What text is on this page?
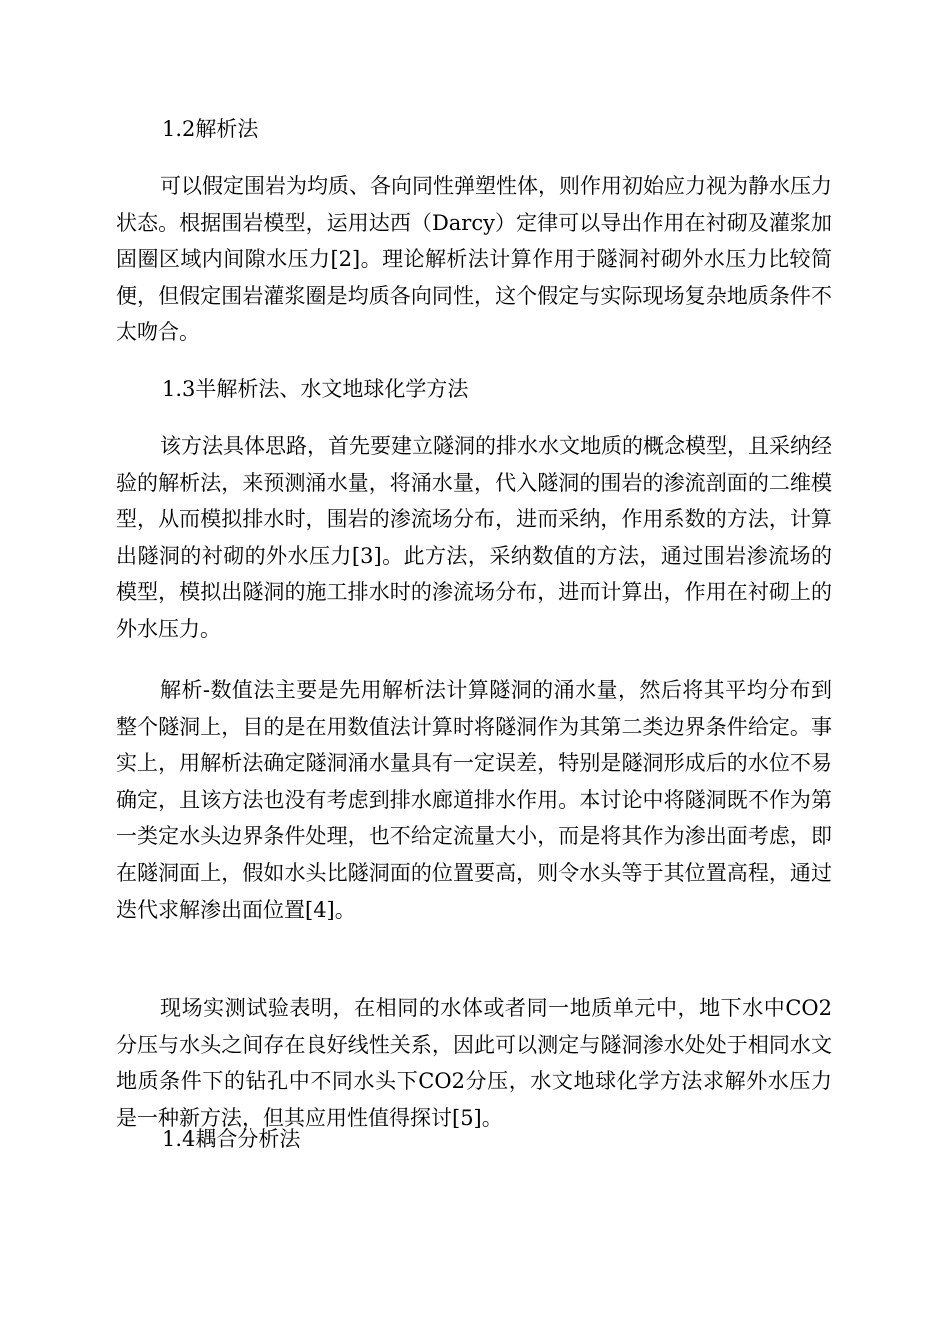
1.2解析法

可以假定围岩为均质、各向同性弹塑性体，则作用初始应力视为静水压力状态。根据围岩模型，运用达西（Darcy）定律可以导出作用在衬砌及灌浆加固圈区域内间隙水压力[2]。理论解析法计算作用于隧洞衬砌外水压力比较简便，但假定围岩灌浆圈是均质各向同性，这个假定与实际现场复杂地质条件不太吻合。

1.3半解析法、水文地球化学方法

该方法具体思路，首先要建立隧洞的排水水文地质的概念模型，且采纳经验的解析法，来预测涌水量，将涌水量，代入隧洞的围岩的渗流剖面的二维模型，从而模拟排水时，围岩的渗流场分布，进而采纳，作用系数的方法，计算出隧洞的衬砌的外水压力[3]。此方法，采纳数值的方法，通过围岩渗流场的模型，模拟出隧洞的施工排水时的渗流场分布，进而计算出，作用在衬砌上的外水压力。

解析-数值法主要是先用解析法计算隧洞的涌水量，然后将其平均分布到整个隧洞上，目的是在用数值法计算时将隧洞作为其第二类边界条件给定。事实上，用解析法确定隧洞涌水量具有一定误差，特别是隧洞形成后的水位不易确定，且该方法也没有考虑到排水廊道排水作用。本讨论中将隧洞既不作为第一类定水头边界条件处理，也不给定流量大小，而是将其作为渗出面考虑，即在隧洞面上，假如水头比隧洞面的位置要高，则令水头等于其位置高程，通过迭代求解渗出面位置[4]。

现场实测试验表明，在相同的水体或者同一地质单元中，地下水中CO2分压与水头之间存在良好线性关系，因此可以测定与隧洞渗水处处于相同水文地质条件下的钻孔中不同水头下CO2分压，水文地球化学方法求解外水压力是一种新方法，但其应用性值得探讨[5]。

1.4耦合分析法
